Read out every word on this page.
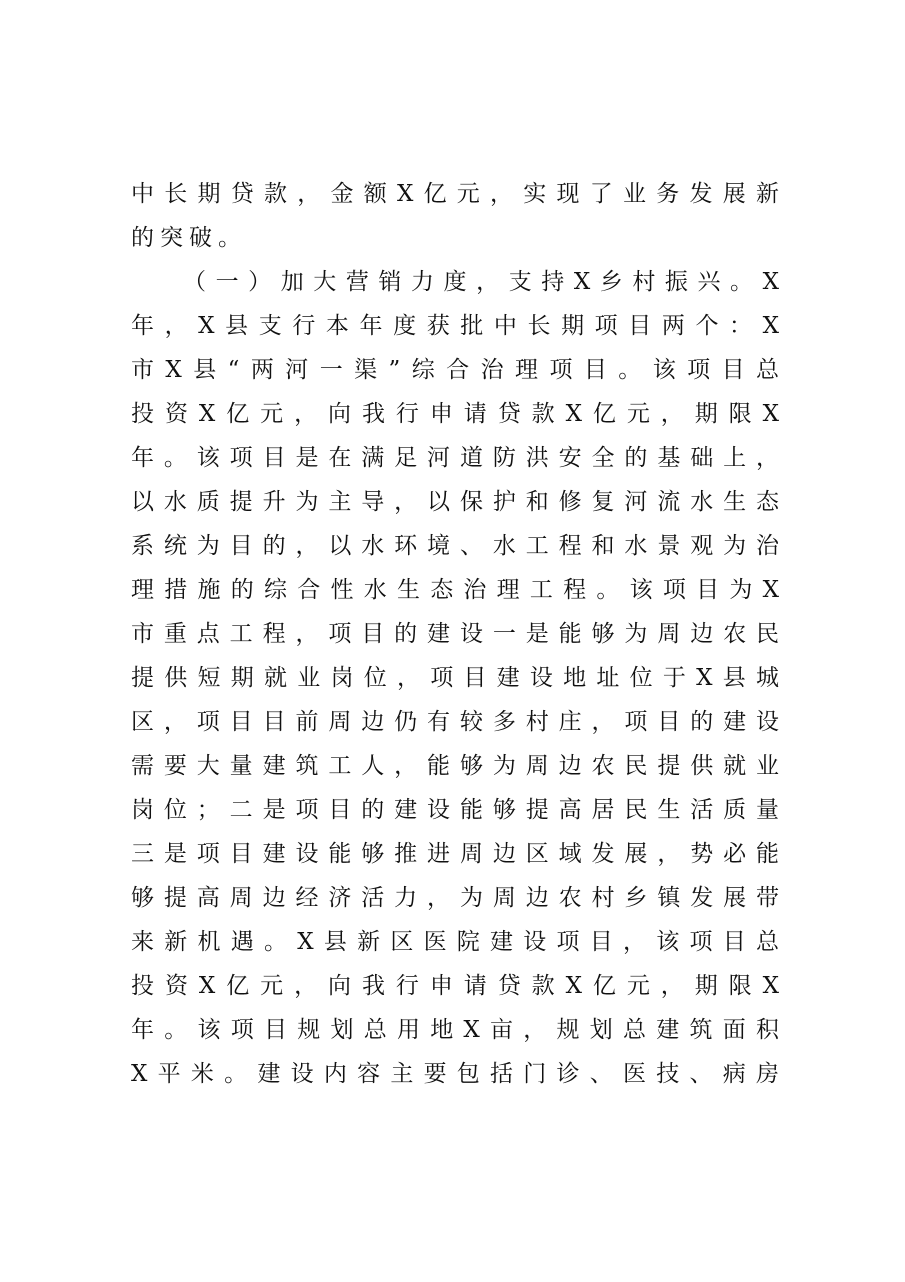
中长期贷款，金额X亿元，实现了业务发展新
的突破。
（一）加大营销力度，支持X乡村振兴。X
年，X县支行本年度获批中长期项目两个：X
市X县“两河一渠”综合治理项目。该项目总
投资X亿元，向我行申请贷款X亿元，期限X
年。该项目是在满足河道防洪安全的基础上，
以水质提升为主导，以保护和修复河流水生态
系统为目的，以水环境、水工程和水景观为治
理措施的综合性水生态治理工程。该项目为X
市重点工程，项目的建设一是能够为周边农民
提供短期就业岗位，项目建设地址位于X县城
区，项目目前周边仍有较多村庄，项目的建设
需要大量建筑工人，能够为周边农民提供就业
岗位；二是项目的建设能够提高居民生活质量
三是项目建设能够推进周边区域发展，势必能
够提高周边经济活力，为周边农村乡镇发展带
来新机遇。X县新区医院建设项目，该项目总
投资X亿元，向我行申请贷款X亿元，期限X
年。该项目规划总用地X亩，规划总建筑面积
X平米。建设内容主要包括门诊、医技、病房
